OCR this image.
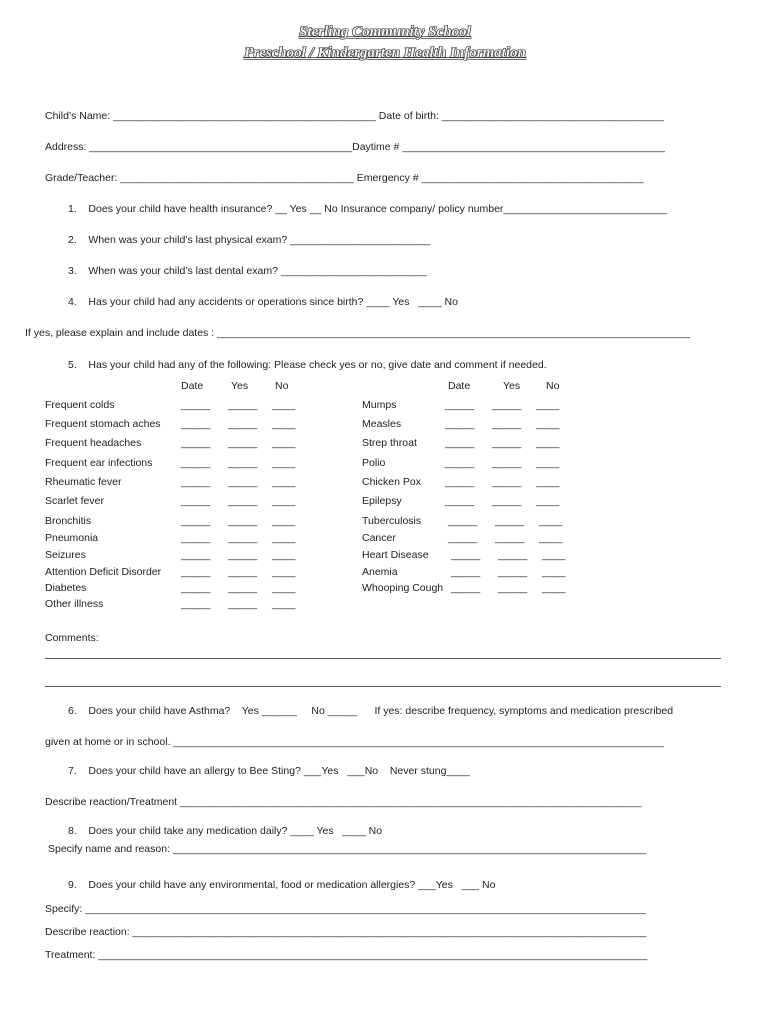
Sterling Community School
Preschool / Kindergarten Health Information
Child’s Name: _____________________________________________ Date of birth: ______________________________________
Address: _____________________________________________Daytime # _____________________________________________
Grade/Teacher: ________________________________________ Emergency # ______________________________________
1.    Does your child have health insurance? __ Yes __ No Insurance company/ policy number____________________________
2.    When was your child’s last physical exam? ________________________
3.    When was your child’s last dental exam? _________________________
4.    Has your child had any accidents or operations since birth? ____ Yes   ____ No
If yes, please explain and include dates : _________________________________________________________________________________
5.    Has your child had any of the following: Please check yes or no, give date and comment if needed.
Date	Yes	No	Date	Yes No
Frequent colds	_____ _____ ____
Frequent stomach aches _____ _____ ____
Frequent headaches	_____ _____ ____
Frequent ear infections	_____ _____ ____
Rheumatic fever	_____ _____ ____
Scarlet fever	_____ _____ ____
Bronchitis	_____ _____ ____
Pneumonia	_____ _____ ____
Seizures	_____ _____ ____
Attention Deficit Disorder _____ _____ ____
Diabetes	_____ _____ ____
Other illness	_____ _____ ____
Mumps	_____ _____ ____
Measles	_____ _____ ____
Strep throat	_____ _____ ____
Polio	_____ _____ ____
Chicken Pox _____ _____ ____
Epilepsy	_____ _____ ____
Tuberculosis	_____ _____ ____
Cancer	_____ _____ ____
Heart Disease _____ _____ ____
Anemia	_____ _____ ____
Whooping Cough _____ _____ ____
Comments:
6.    Does your child have Asthma?    Yes ______     No _____      If yes: describe frequency, symptoms and medication prescribed
given at home or in school. ____________________________________________________________________________________
7.    Does your child have an allergy to Bee Sting? ___Yes   ___No    Never stung____
Describe reaction/Treatment _______________________________________________________________________________
8.    Does your child take any medication daily? ____ Yes   ____ No
Specify name and reason: _________________________________________________________________________________
9.    Does your child have any environmental, food or medication allergies? ___Yes   ___ No
Specify: ________________________________________________________________________________________________
Describe reaction: ________________________________________________________________________________________
Treatment: ______________________________________________________________________________________________
